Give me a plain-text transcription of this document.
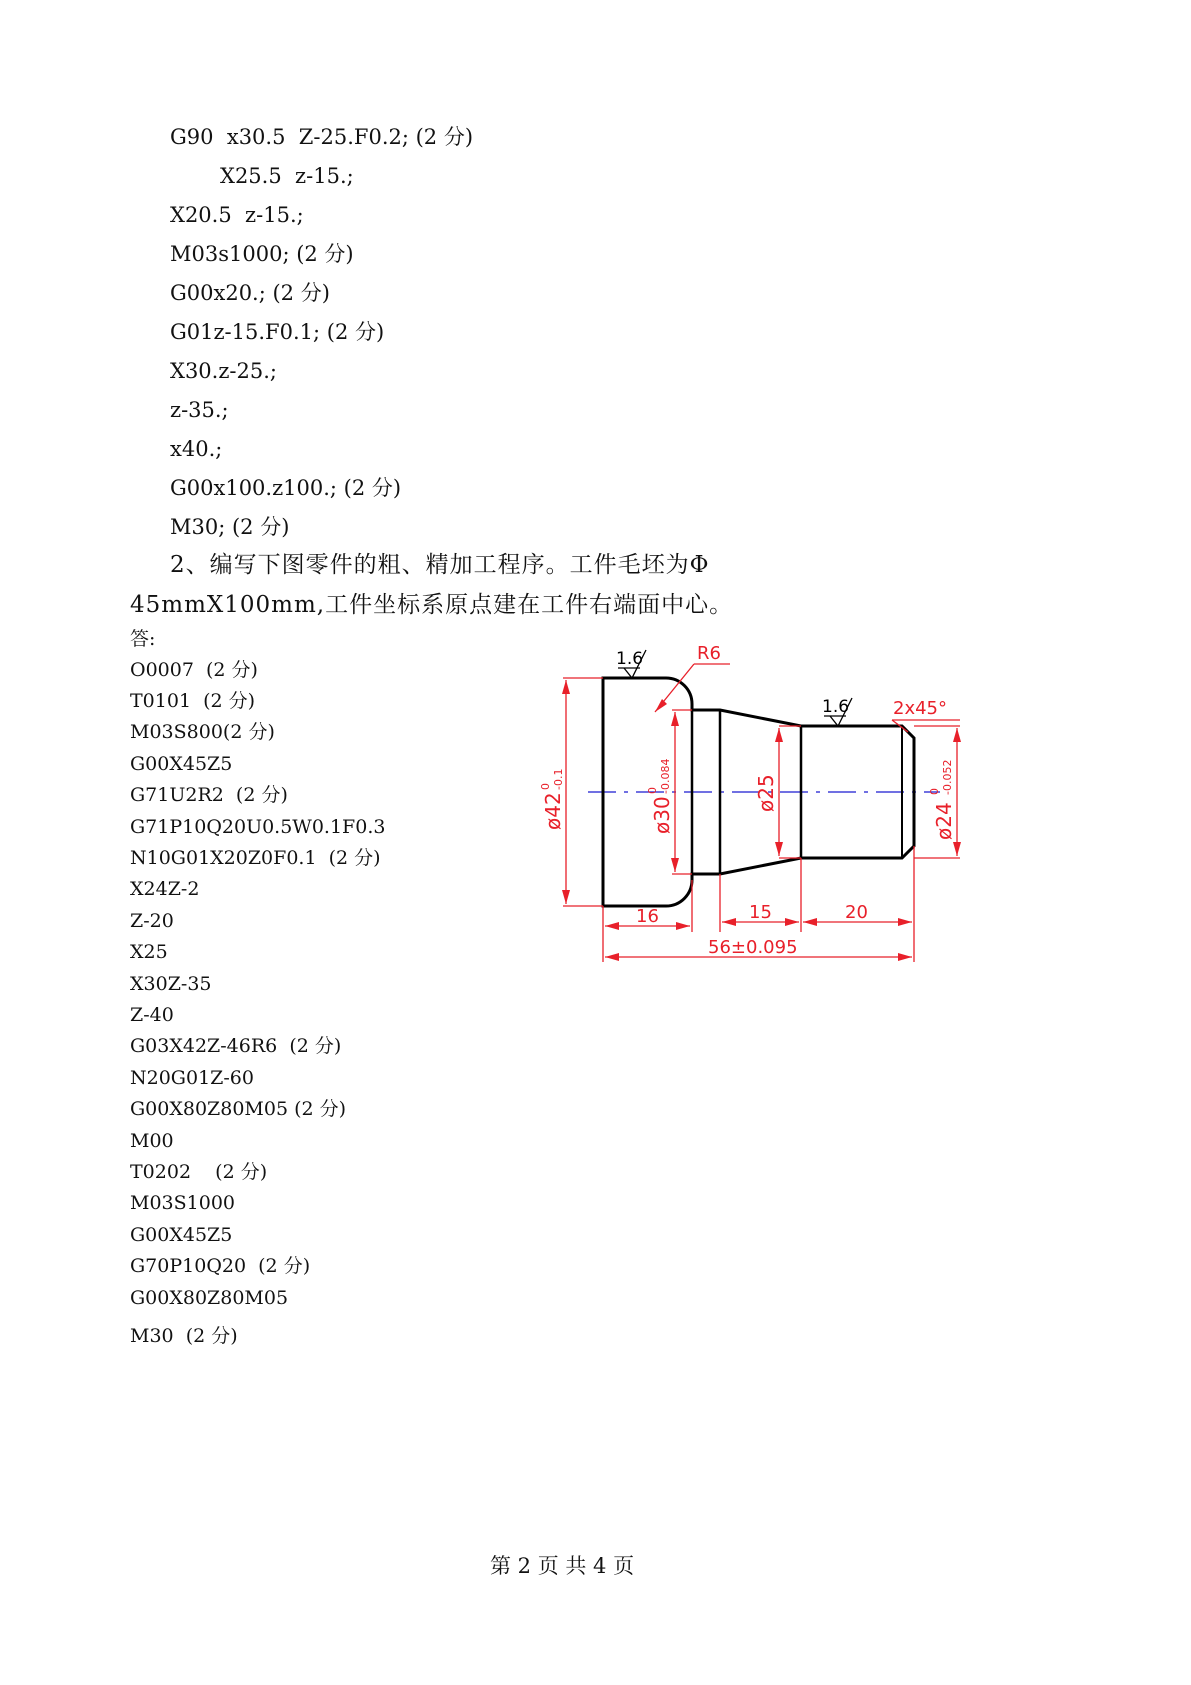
G90  x30.5  Z-25.F0.2; (2 分)
X25.5  z-15.;
X20.5  z-15.;
M03s1000; (2 分)
G00x20.; (2 分)
G01z-15.F0.1; (2 分)
X30.z-25.;
z-35.;
x40.;
G00x100.z100.; (2 分)
M30; (2 分)
2、编写下图零件的粗、精加工程序。工件毛坯为Φ
45mmX100mm,工件坐标系原点建在工件右端面中心。
答:
O0007  (2 分)
T0101  (2 分)
M03S800(2 分)
G00X45Z5
G71U2R2  (2 分)
G71P10Q20U0.5W0.1F0.3
N10G01X20Z0F0.1  (2 分)
X24Z-2
Z-20
X25
X30Z-35
Z-40
G03X42Z-46R6  (2 分)
N20G01Z-60
G00X80Z80M05 (2 分)
M00
T0202    (2 分)
M03S1000
G00X45Z5
G70P10Q20  (2 分)
G00X80Z80M05
M30  (2 分)
1.6
1.6
R6
2x45°
ø42
0 -0.1
ø30
0 -0.084	ø25
ø24
0 -0.052
16	15	20
56±0.095
第 2 页 共 4 页
